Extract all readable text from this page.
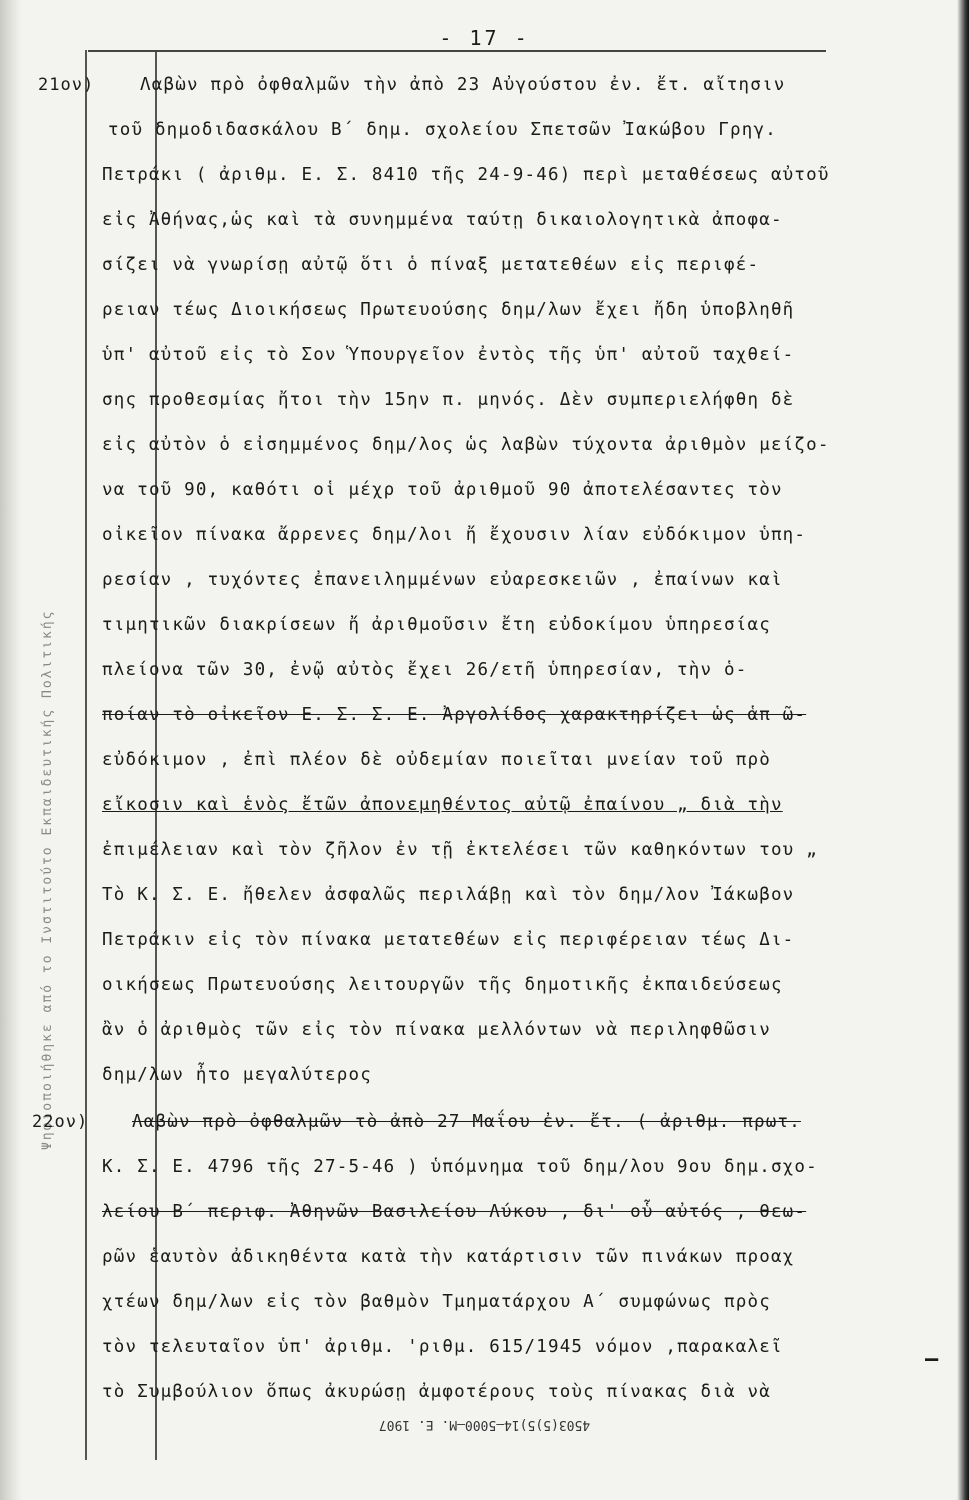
- 17 -
Ψηφιοποιήθηκε από το Ινστιτούτο Εκπαιδευτικής Πολιτικής
21ον)	Λαβὼν πρὸ ὀφθαλμῶν τὴν ἀπὸ 23 Αὐγούστου ἐν. ἔτ. αἴτησιν
τοῦ δημοδιδασκάλου Β΄ δημ. σχολείου Σπετσῶν Ἰακώβου Γρηγ.
Πετράκι ( ἀριθμ. Ε. Σ. 8410 τῆς 24-9-46) περὶ μεταθέσεως αὐτοῦ
εἰς Ἀθήνας,ὡς καὶ τὰ συνημμένα ταύτῃ δικαιολογητικὰ ἀποφα-
σίζει νὰ γνωρίσῃ αὐτῷ ὅτι ὁ πίναξ μετατεθέων εἰς περιφέ-
ρειαν τέως Διοικήσεως Πρωτευούσης δημ/λων ἔχει ἤδη ὑποβληθῆ
ὑπ' αὐτοῦ εἰς τὸ Σον Ὑπουργεῖον ἐντὸς τῆς ὑπ' αὐτοῦ ταχθεί-
σης προθεσμίας ἤτοι τὴν 15ην π. μηνός. Δὲν συμπεριελήφθη δὲ
εἰς αὐτὸν ὁ εἰσημμένος δημ/λος ὡς λαβὼν τύχοντα ἀριθμὸν μείζο-
να τοῦ 90, καθότι οἱ μέχρ τοῦ ἀριθμοῦ 90 ἀποτελέσαντες τὸν
οἰκεῖον πίνακα ἄρρενες δημ/λοι ἤ ἔχουσιν λίαν εὐδόκιμον ὑπη-
ρεσίαν , τυχόντες ἐπανειλημμένων εὐαρεσκειῶν , ἐπαίνων καὶ
τιμητικῶν διακρίσεων ἤ ἀριθμοῦσιν ἔτη εὐδοκίμου ὑπηρεσίας
πλείονα τῶν 30, ἐνῷ αὐτὸς ἔχει 26/ετῆ ὑπηρεσίαν, τὴν ὁ-
ποίαν τὸ οἰκεῖον Ε. Σ. Σ. Ε. Ἀργολίδος χαρακτηρίζει ὡς ἁπ ῶ-
εὐδόκιμον , ἐπὶ πλέον δὲ οὐδεμίαν ποιεῖται μνείαν τοῦ πρὸ
εἴκοσιν καὶ ἑνὸς ἔτῶν ἀπονεμηθέντος αὐτῷ ἐπαίνου „ διὰ τὴν
ἐπιμέλειαν καὶ τὸν ζῆλον ἐν τῇ ἐκτελέσει τῶν καθηκόντων του „
Τὸ Κ. Σ. Ε. ἤθελεν ἀσφαλῶς περιλάβῃ καὶ τὸν δημ/λον Ἰάκωβον
Πετράκιν εἰς τὸν πίνακα μετατεθέων εἰς περιφέρειαν τέως Δι-
οικήσεως Πρωτευούσης λειτουργῶν τῆς δημοτικῆς ἐκπαιδεύσεως
ἂν ὁ ἀριθμὸς τῶν εἰς τὸν πίνακα μελλόντων νὰ περιληφθῶσιν
δημ/λων ἦτο μεγαλύτερος
22ον)	Λαβὼν πρὸ ὀφθαλμῶν τὸ ἀπὸ 27 Μαΐου ἐν. ἔτ. ( ἀριθμ. πρωτ.
Κ. Σ. Ε. 4796 τῆς 27-5-46 ) ὑπόμνημα τοῦ δημ/λου 9ου δημ.σχο-
λείου Β΄ περιφ. Ἀθηνῶν Βασιλείου Λύκου , δι' οὗ αὐτός , θεω-
ρῶν ἑαυτὸν ἀδικηθέντα κατὰ τὴν κατάρτισιν τῶν πινάκων προαχ
χτέων δημ/λων εἰς τὸν βαθμὸν Τμηματάρχου Α΄ συμφώνως πρὸς
τὸν τελευταῖον ὑπ' ἀριθμ. 'ριθμ. 615/1945 νόμον ,παρακαλεῖ
τὸ Συμβούλιον ὅπως ἀκυρώσῃ ἀμφοτέρους τοὺς πίνακας διὰ νὰ
—
4503(5)5)14—5000—Μ. Ε. 1907
